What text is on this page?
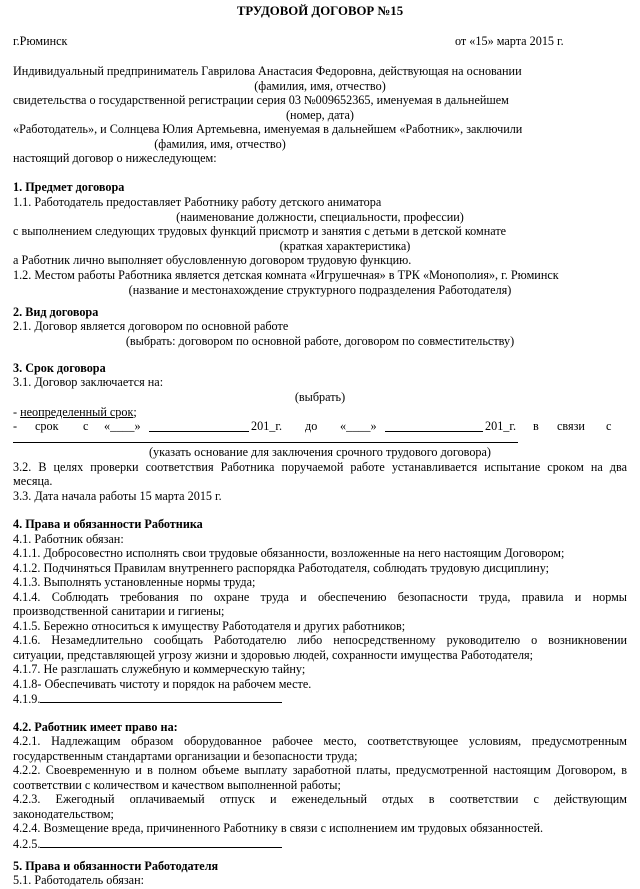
ТРУДОВОЙ ДОГОВОР №15
г.Рюминск	от «15» марта 2015 г.
Индивидуальный предприниматель Гаврилова Анастасия Федоровна, действующая на основании
(фамилия, имя, отчество)
свидетельства о государственной регистрации серия 03 №009652365, именуемая в дальнейшем
(номер, дата)
«Работодатель», и Солнцева Юлия Артемьевна, именуемая в дальнейшем «Работник», заключили
(фамилия, имя, отчество)
настоящий договор о нижеследующем:
1. Предмет договора
1.1. Работодатель предоставляет Работнику работу детского аниматора
(наименование должности, специальности, профессии)
с выполнением следующих трудовых функций присмотр и занятия с детьми в детской комнате
(краткая характеристика)
а Работник лично выполняет обусловленную договором трудовую функцию.
1.2. Местом работы Работника является детская комната «Игрушечная» в ТРК «Монополия», г. Рюминск
(название и местонахождение структурного подразделения Работодателя)
2. Вид договора
2.1. Договор является договором по основной работе
(выбрать: договором по основной работе, договором по совместительству)
3. Срок договора
3.1. Договор заключается на:
(выбрать)
- неопределенный срок;
- срок с «____»	201_г. до «____»	201_г. в связи с
(указать основание для заключения срочного трудового договора)
3.2. В целях проверки соответствия Работника поручаемой работе устанавливается испытание сроком на два
месяца.
3.3. Дата начала работы 15 марта 2015 г.
4. Права и обязанности Работника
4.1. Работник обязан:
4.1.1. Добросовестно исполнять свои трудовые обязанности, возложенные на него настоящим Договором;
4.1.2. Подчиняться Правилам внутреннего распорядка Работодателя, соблюдать трудовую дисциплину;
4.1.3. Выполнять установленные нормы труда;
4.1.4. Соблюдать требования по охране труда и обеспечению безопасности труда, правила и нормы
производственной санитарии и гигиены;
4.1.5. Бережно относиться к имуществу Работодателя и других работников;
4.1.6. Незамедлительно сообщать Работодателю либо непосредственному руководителю о возникновении
ситуации, представляющей угрозу жизни и здоровью людей, сохранности имущества Работодателя;
4.1.7. Не разглашать служебную и коммерческую тайну;
4.1.8- Обеспечивать чистоту и порядок на рабочем месте.
4.1.9.
4.2. Работник имеет право на:
4.2.1. Надлежащим образом оборудованное рабочее место, соответствующее условиям, предусмотренным
государственным стандартами организации и безопасности труда;
4.2.2. Своевременную и в полном объеме выплату заработной платы, предусмотренной настоящим Договором, в
соответствии с количеством и качеством выполненной работы;
4.2.3. Ежегодный оплачиваемый отпуск и еженедельный отдых в соответствии с действующим
законодательством;
4.2.4. Возмещение вреда, причиненного Работнику в связи с исполнением им трудовых обязанностей.
4.2.5.
5. Права и обязанности Работодателя
5.1. Работодатель обязан:
